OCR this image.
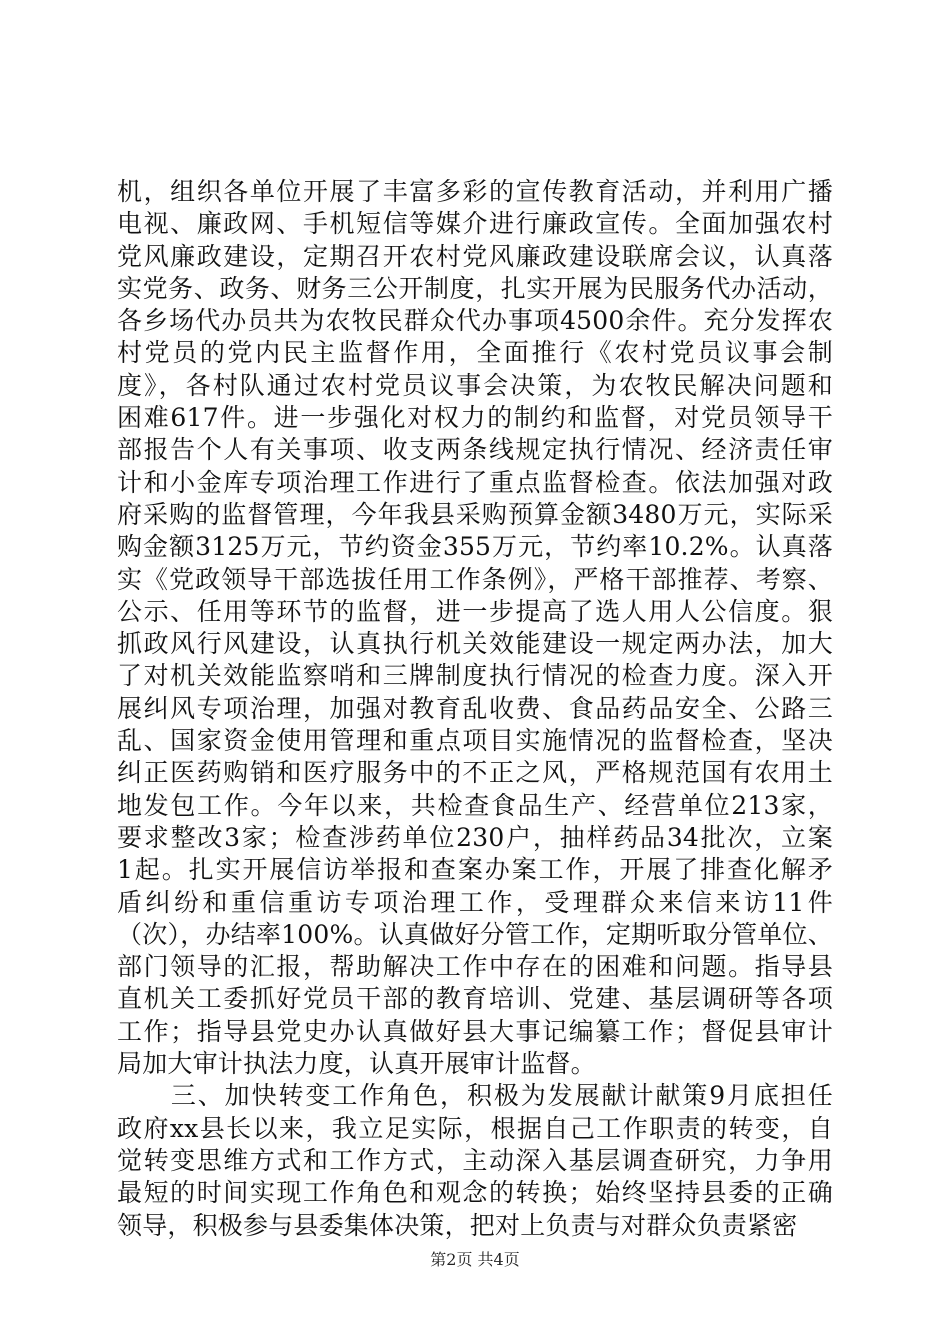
机，组织各单位开展了丰富多彩的宣传教育活动，并利用广播
电视、廉政网、手机短信等媒介进行廉政宣传。全面加强农村
党风廉政建设，定期召开农村党风廉政建设联席会议，认真落
实党务、政务、财务三公开制度，扎实开展为民服务代办活动，
各乡场代办员共为农牧民群众代办事项4500余件。充分发挥农
村党员的党内民主监督作用，全面推行《农村党员议事会制
度》，各村队通过农村党员议事会决策，为农牧民解决问题和
困难617件。进一步强化对权力的制约和监督，对党员领导干
部报告个人有关事项、收支两条线规定执行情况、经济责任审
计和小金库专项治理工作进行了重点监督检查。依法加强对政
府采购的监督管理，今年我县采购预算金额3480万元，实际采
购金额3125万元，节约资金355万元，节约率10.2%。认真落
实《党政领导干部选拔任用工作条例》，严格干部推荐、考察、
公示、任用等环节的监督，进一步提高了选人用人公信度。狠
抓政风行风建设，认真执行机关效能建设一规定两办法，加大
了对机关效能监察哨和三牌制度执行情况的检查力度。深入开
展纠风专项治理，加强对教育乱收费、食品药品安全、公路三
乱、国家资金使用管理和重点项目实施情况的监督检查，坚决
纠正医药购销和医疗服务中的不正之风，严格规范国有农用土
地发包工作。今年以来，共检查食品生产、经营单位213家，
要求整改3家；检查涉药单位230户，抽样药品34批次，立案
1起。扎实开展信访举报和查案办案工作，开展了排查化解矛
盾纠纷和重信重访专项治理工作，受理群众来信来访11件
（次），办结率100%。认真做好分管工作，定期听取分管单位、
部门领导的汇报，帮助解决工作中存在的困难和问题。指导县
直机关工委抓好党员干部的教育培训、党建、基层调研等各项
工作；指导县党史办认真做好县大事记编纂工作；督促县审计
局加大审计执法力度，认真开展审计监督。
　　三、加快转变工作角色，积极为发展献计献策9月底担任
政府xx县长以来，我立足实际，根据自己工作职责的转变，自
觉转变思维方式和工作方式，主动深入基层调查研究，力争用
最短的时间实现工作角色和观念的转换；始终坚持县委的正确
领导，积极参与县委集体决策，把对上负责与对群众负责紧密
第2页 共4页
